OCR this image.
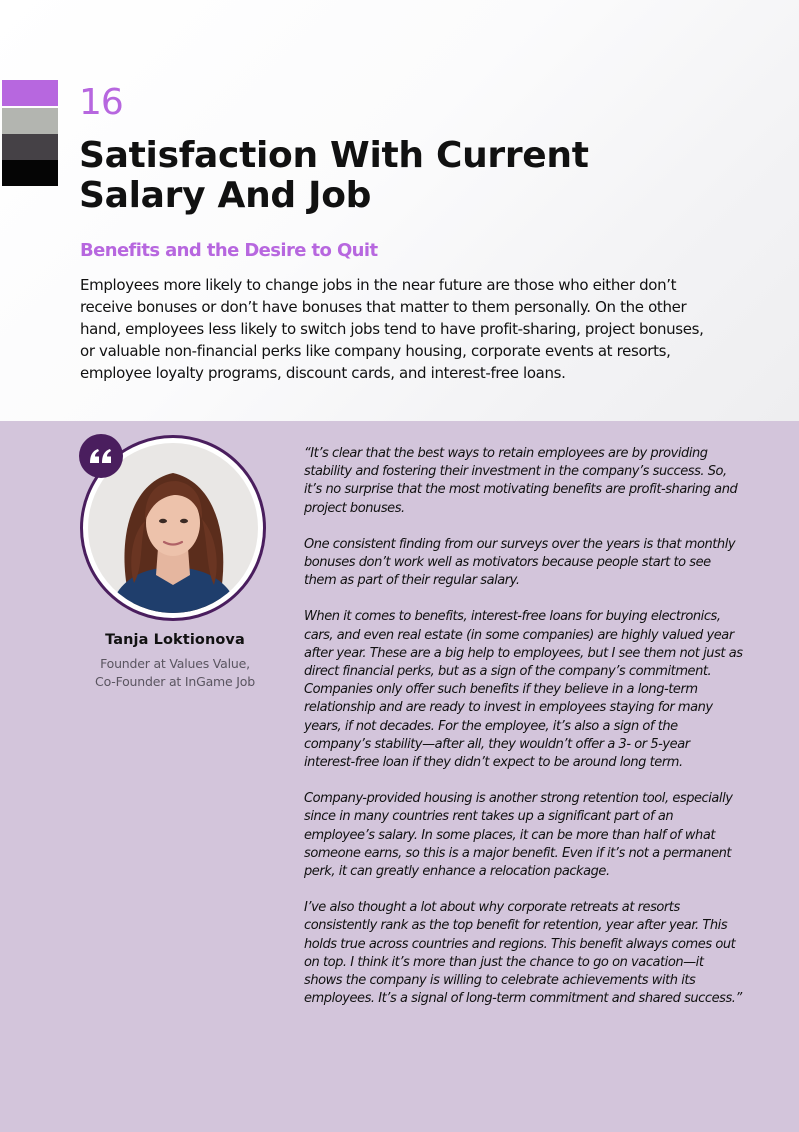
16

Satisfaction With Current
Salary And Job
Benefits and the Desire to Quit

Employees more likely to change jobs in the near future are those who either don’t receive bonuses or don’t have bonuses that matter to them personally. On the other hand, employees less likely to switch jobs tend to have profit-sharing, project bonuses, or valuable non-financial perks like company housing, corporate events at resorts, employee loyalty programs, discount cards, and interest-free loans.

Tanja Loktionova

Founder at Values Value,
Co-Founder at InGame Job

“It’s clear that the best ways to retain employees are by providing stability and fostering their investment in the company’s success. So, it’s no surprise that the most motivating benefits are profit-sharing and project bonuses.

One consistent finding from our surveys over the years is that monthly bonuses don’t work well as motivators because people start to see them as part of their regular salary.

When it comes to benefits, interest-free loans for buying electronics, cars, and even real estate (in some companies) are highly valued year after year. These are a big help to employees, but I see them not just as direct financial perks, but as a sign of the company’s commitment. Companies only offer such benefits if they believe in a long-term relationship and are ready to invest in employees staying for many years, if not decades. For the employee, it’s also a sign of the company’s stability—after all, they wouldn’t offer a 3- or 5-year interest-free loan if they didn’t expect to be around long term.

Company-provided housing is another strong retention tool, especially since in many countries rent takes up a significant part of an employee’s salary. In some places, it can be more than half of what someone earns, so this is a major benefit. Even if it’s not a permanent perk, it can greatly enhance a relocation package.

I’ve also thought a lot about why corporate retreats at resorts consistently rank as the top benefit for retention, year after year. This holds true across countries and regions. This benefit always comes out on top. I think it’s more than just the chance to go on vacation—it shows the company is willing to celebrate achievements with its employees. It’s a signal of long-term commitment and shared success.”
